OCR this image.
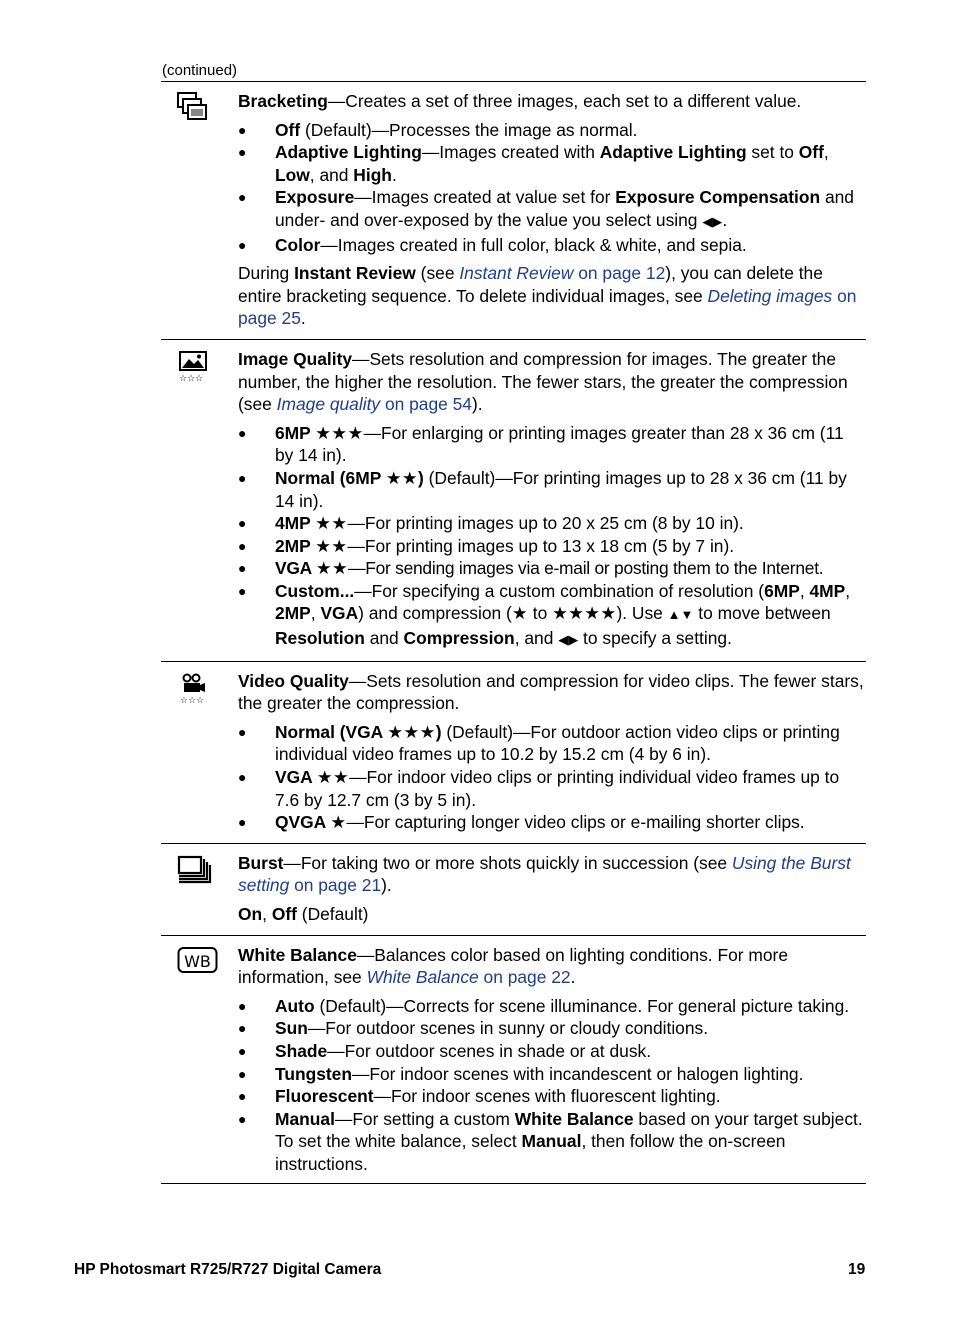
(continued)

Bracketing—Creates a set of three images, each set to a different value.

● Off (Default)—Processes the image as normal.
● Adaptive Lighting—Images created with Adaptive Lighting set to Off, Low, and High.
● Exposure—Images created at value set for Exposure Compensation and under- and over-exposed by the value you select using ◀▶.
● Color—Images created in full color, black & white, and sepia.

During Instant Review (see Instant Review on page 12), you can delete the entire bracketing sequence. To delete individual images, see Deleting images on page 25.

☆☆☆

Image Quality—Sets resolution and compression for images. The greater the number, the higher the resolution. The fewer stars, the greater the compression (see Image quality on page 54).

● 6MP ★★★—For enlarging or printing images greater than 28 x 36 cm (11 by 14 in).
● Normal (6MP ★★) (Default)—For printing images up to 28 x 36 cm (11 by 14 in).
● 4MP ★★—For printing images up to 20 x 25 cm (8 by 10 in).
● 2MP ★★—For printing images up to 13 x 18 cm (5 by 7 in).
● VGA ★★—For sending images via e-mail or posting them to the Internet.
● Custom...—For specifying a custom combination of resolution (6MP, 4MP, 2MP, VGA) and compression (★ to ★★★★). Use ▲▼ to move between Resolution and Compression, and ◀▶ to specify a setting.
☆☆☆

Video Quality—Sets resolution and compression for video clips. The fewer stars, the greater the compression.

● Normal (VGA ★★★) (Default)—For outdoor action video clips or printing individual video frames up to 10.2 by 15.2 cm (4 by 6 in).
● VGA ★★—For indoor video clips or printing individual video frames up to 7.6 by 12.7 cm (3 by 5 in).
● QVGA ★—For capturing longer video clips or e-mailing shorter clips.

Burst—For taking two or more shots quickly in succession (see Using the Burst setting on page 21).

On, Off (Default)

WB White Balance—Balances color based on lighting conditions. For more information, see White Balance on page 22.

● Auto (Default)—Corrects for scene illuminance. For general picture taking.
● Sun—For outdoor scenes in sunny or cloudy conditions.
● Shade—For outdoor scenes in shade or at dusk.
● Tungsten—For indoor scenes with incandescent or halogen lighting.
● Fluorescent—For indoor scenes with fluorescent lighting.
● Manual—For setting a custom White Balance based on your target subject. To set the white balance, select Manual, then follow the on-screen instructions.
HP Photosmart R725/R727 Digital Camera	19
